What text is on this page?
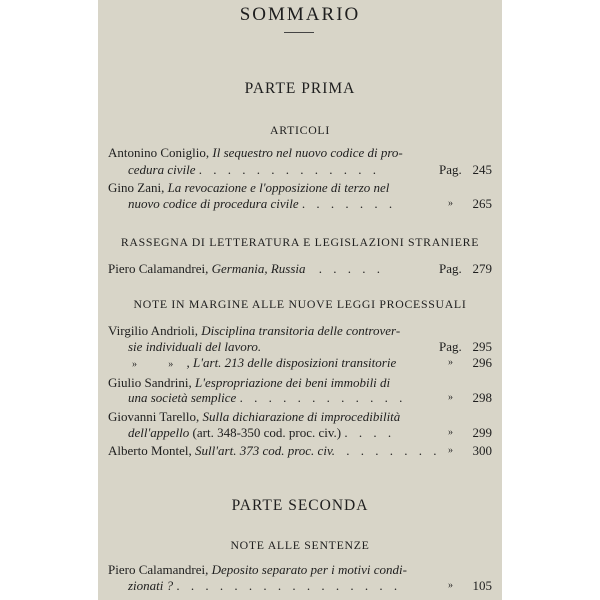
SOMMARIO
PARTE PRIMA
ARTICOLI
Antonino Coniglio, Il sequestro nel nuovo codice di pro-
cedura civile . . . . . . . . . . . . .	Pag. 245
Gino Zani, La revocazione e l'opposizione di terzo nel
nuovo codice di procedura civile . . . . . . .	»	265
RASSEGNA DI LETTERATURA E LEGISLAZIONI STRANIERE
Piero Calamandrei, Germania, Russia . . . . .	Pag. 279
NOTE IN MARGINE ALLE NUOVE LEGGI PROCESSUALI
Virgilio Andrioli, Disciplina transitoria delle controver-
sie individuali del lavoro.	Pag. 295
»	» , L'art. 213 delle disposizioni transitorie	»	296
Giulio Sandrini, L'espropriazione dei beni immobili di
una società semplice . . . . . . . . . . . .	»	298
Giovanni Tarello, Sulla dichiarazione di improcedibilità
dell'appello (art. 348-350 cod. proc. civ.) . . . .	»	299
Alberto Montel, Sull'art. 373 cod. proc. civ. . . . . . . . »	300
PARTE SECONDA
NOTE ALLE SENTENZE
Piero Calamandrei, Deposito separato per i motivi condi-
zionati ? . . . . . . . . . . . . . . . .	»	105
